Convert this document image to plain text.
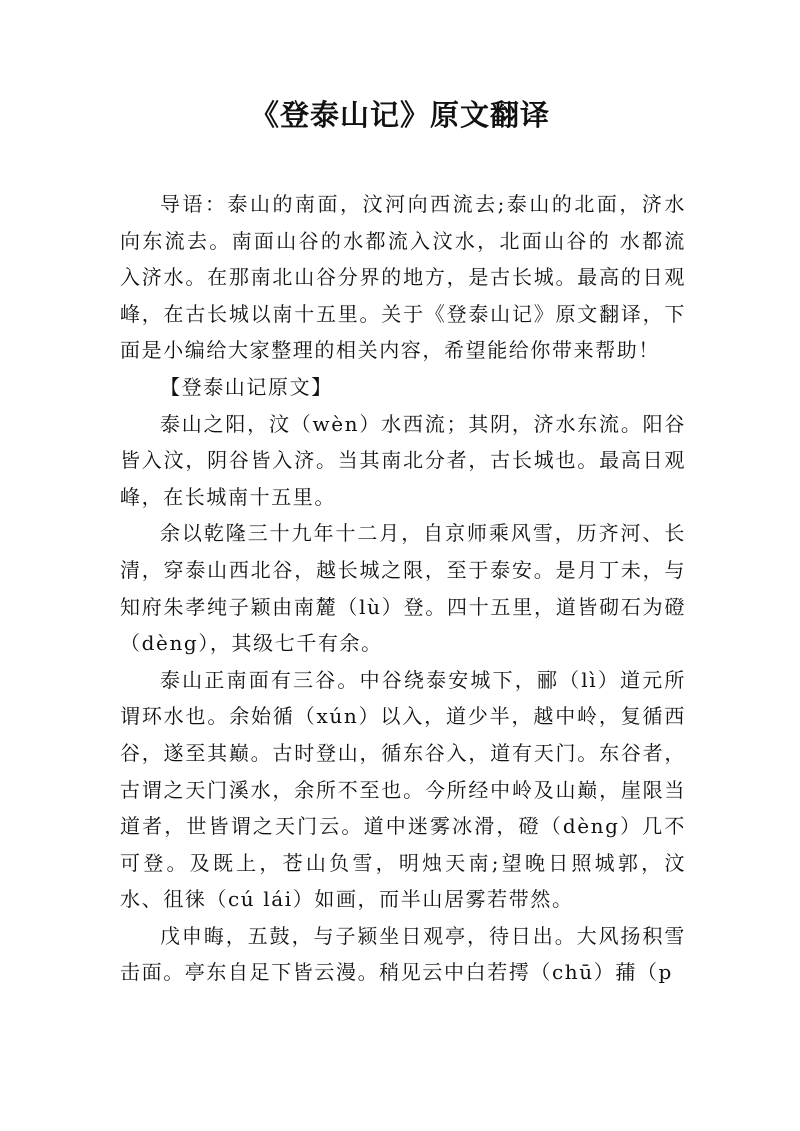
《登泰山记》原文翻译

导语：泰山的南面，汶河向西流去;泰山的北面，济水向东流去。南面山谷的水都流入汶水，北面山谷的 水都流入济水。在那南北山谷分界的地方，是古长城。最高的日观峰，在古长城以南十五里。关于《登泰山记》原文翻译，下面是小编给大家整理的相关内容，希望能给你带来帮助！

【登泰山记原文】

泰山之阳，汶（wèn）水西流；其阴，济水东流。阳谷皆入汶，阴谷皆入济。当其南北分者，古长城也。最高日观峰，在长城南十五里。

余以乾隆三十九年十二月，自京师乘风雪，历齐河、长清，穿泰山西北谷，越长城之限，至于泰安。是月丁未，与知府朱孝纯子颖由南麓（lù）登。四十五里，道皆砌石为磴（dèng），其级七千有余。

泰山正南面有三谷。中谷绕泰安城下，郦（lì）道元所谓环水也。余始循（xún）以入，道少半，越中岭，复循西谷，遂至其巅。古时登山，循东谷入，道有天门。东谷者，古谓之天门溪水，余所不至也。今所经中岭及山巅，崖限当道者，世皆谓之天门云。道中迷雾冰滑，磴（dèng）几不可登。及既上，苍山负雪，明烛天南;望晚日照城郭，汶水、徂徕（cú lái）如画，而半山居雾若带然。

戊申晦，五鼓，与子颍坐日观亭，待日出。大风扬积雪击面。亭东自足下皆云漫。稍见云中白若摴（chū）蒱（p
